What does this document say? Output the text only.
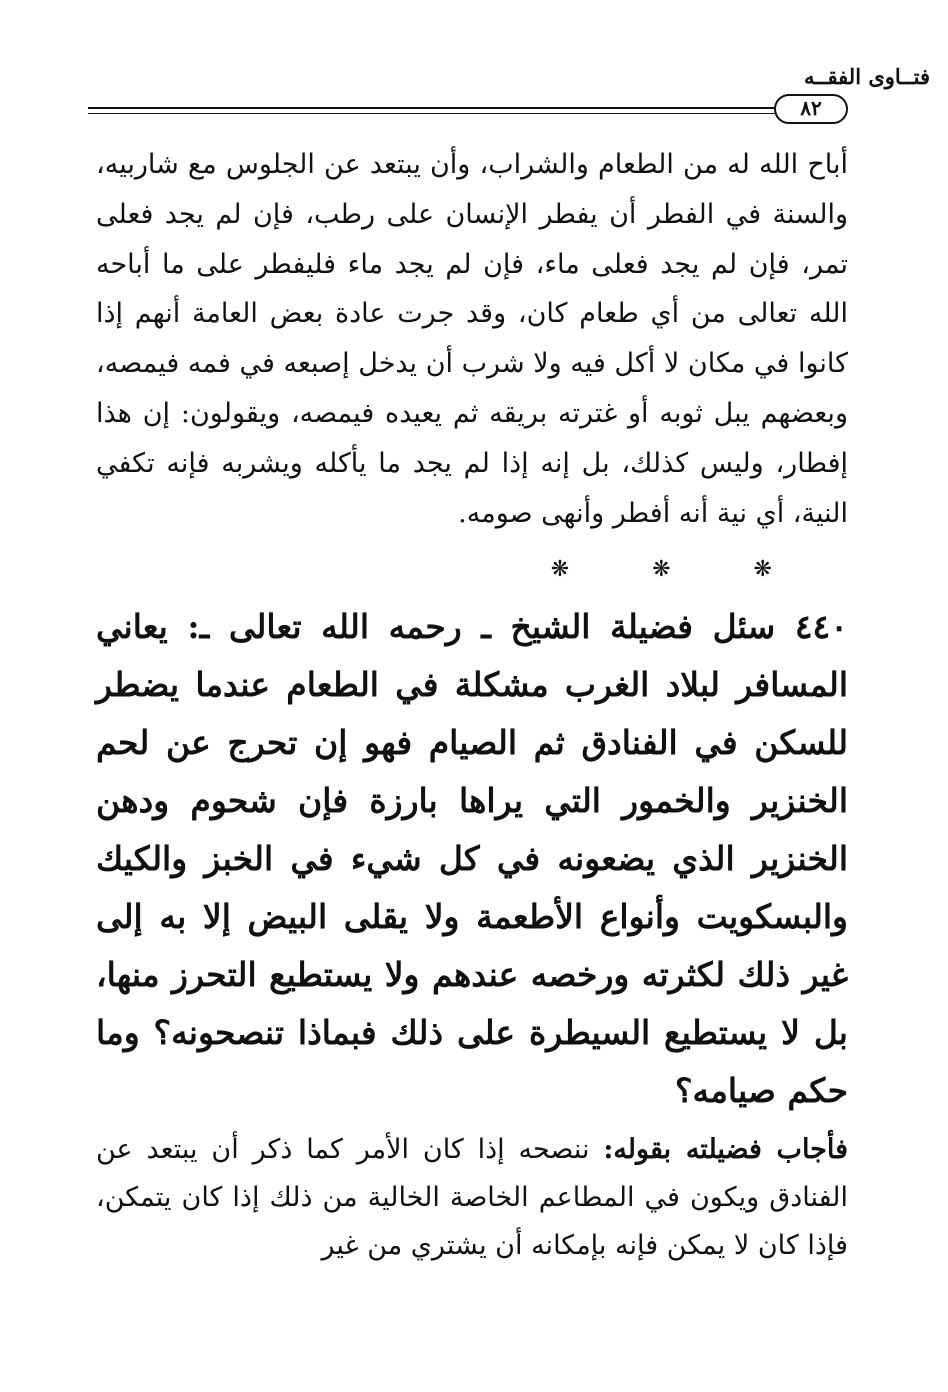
فتــاوى الفقــه
٨٢

أباح الله له من الطعام والشراب، وأن يبتعد عن الجلوس مع شاربيه، والسنة في الفطر أن يفطر الإنسان على رطب، فإن لم يجد فعلى تمر، فإن لم يجد فعلى ماء، فإن لم يجد ماء فليفطر على ما أباحه الله تعالى من أي طعام كان، وقد جرت عادة بعض العامة أنهم إذا كانوا في مكان لا أكل فيه ولا شرب أن يدخل إصبعه في فمه فيمصه، وبعضهم يبل ثوبه أو غترته بريقه ثم يعيده فيمصه، ويقولون: إن هذا إفطار، وليس كذلك، بل إنه إذا لم يجد ما يأكله ويشربه فإنه تكفي النية، أي نية أنه أفطر وأنهى صومه.

❋ ❋ ❋

٤٤٠ سئل فضيلة الشيخ ـ رحمه الله تعالى ـ: يعاني المسافر لبلاد الغرب مشكلة في الطعام عندما يضطر للسكن في الفنادق ثم الصيام فهو إن تحرج عن لحم الخنزير والخمور التي يراها بارزة فإن شحوم ودهن الخنزير الذي يضعونه في كل شيء في الخبز والكيك والبسكويت وأنواع الأطعمة ولا يقلى البيض إلا به إلى غير ذلك لكثرته ورخصه عندهم ولا يستطيع التحرز منها، بل لا يستطيع السيطرة على ذلك فبماذا تنصحونه؟ وما حكم صيامه؟

فأجاب فضيلته بقوله: ننصحه إذا كان الأمر كما ذكر أن يبتعد عن الفنادق ويكون في المطاعم الخاصة الخالية من ذلك إذا كان يتمكن، فإذا كان لا يمكن فإنه بإمكانه أن يشتري من غير
